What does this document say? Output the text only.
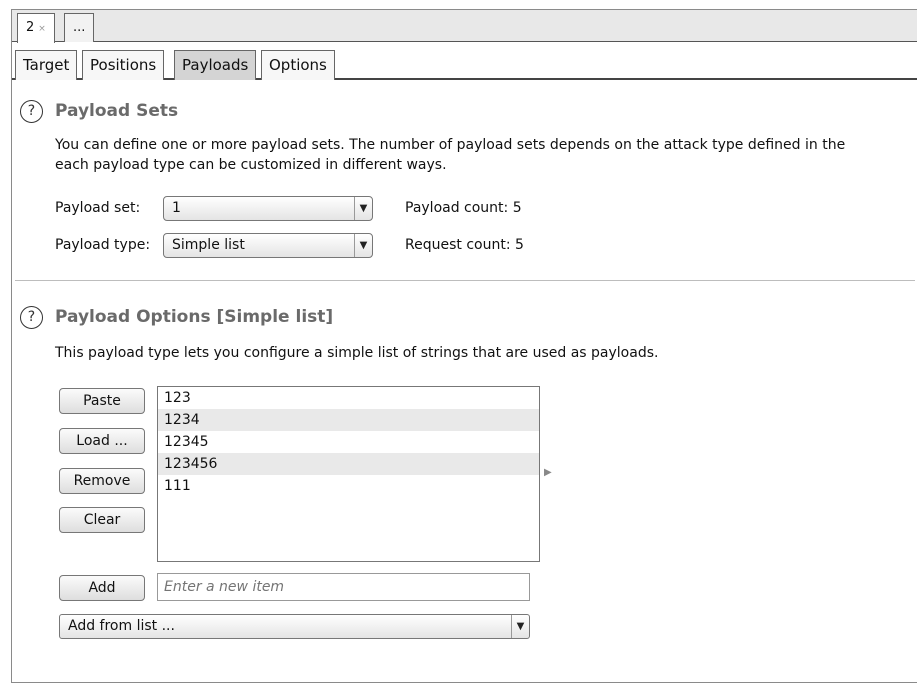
2 ×	...
Target	Positions	Payloads	Options
?	Payload Sets
You can define one or more payload sets. The number of payload sets depends on the attack type defined in the
each payload type can be customized in different ways.
Payload set:	1	▼	Payload count: 5
Payload type:	Simple list	▼	Request count: 5
?	Payload Options [Simple list]
This payload type lets you configure a simple list of strings that are used as payloads.
Paste
Load ...
Remove
Clear
123
1234
12345
123456
111
▶
Add
Enter a new item
Add from list ...	▼
